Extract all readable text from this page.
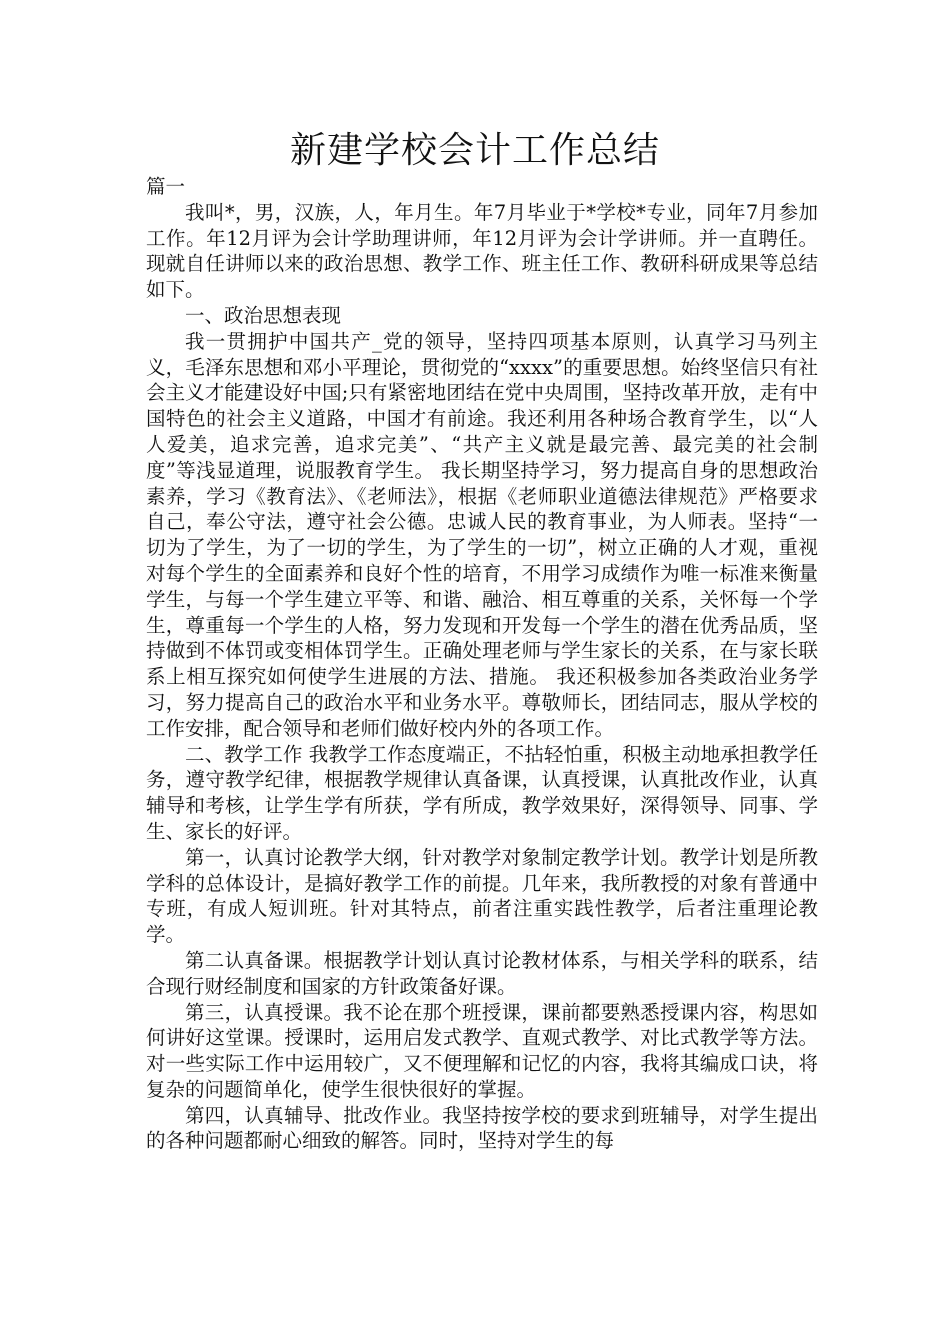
新建学校会计工作总结

篇一

我叫*，男，汉族，人，年月生。年7月毕业于*学校*专业，同年7月参加工作。年12月评为会计学助理讲师，年12月评为会计学讲师。并一直聘任。现就自任讲师以来的政治思想、教学工作、班主任工作、教研科研成果等总结如下。

一、政治思想表现

我一贯拥护中国共产_党的领导，坚持四项基本原则，认真学习马列主义，毛泽东思想和邓小平理论，贯彻党的“xxxx”的重要思想。始终坚信只有社会主义才能建设好中国;只有紧密地团结在党中央周围，坚持改革开放，走有中国特色的社会主义道路，中国才有前途。我还利用各种场合教育学生，以“人人爱美，追求完善，追求完美”、“共产主义就是最完善、最完美的社会制度”等浅显道理，说服教育学生。 我长期坚持学习，努力提高自身的思想政治素养，学习《教育法》、《老师法》，根据《老师职业道德法律规范》严格要求自己，奉公守法，遵守社会公德。忠诚人民的教育事业，为人师表。坚持“一切为了学生，为了一切的学生，为了学生的一切”，树立正确的人才观，重视对每个学生的全面素养和良好个性的培育，不用学习成绩作为唯一标准来衡量学生，与每一个学生建立平等、和谐、融洽、相互尊重的关系，关怀每一个学生，尊重每一个学生的人格，努力发现和开发每一个学生的潜在优秀品质，坚持做到不体罚或变相体罚学生。正确处理老师与学生家长的关系，在与家长联系上相互探究如何使学生进展的方法、措施。 我还积极参加各类政治业务学习，努力提高自己的政治水平和业务水平。尊敬师长，团结同志，服从学校的工作安排，配合领导和老师们做好校内外的各项工作。

二、教学工作 我教学工作态度端正，不拈轻怕重，积极主动地承担教学任务，遵守教学纪律，根据教学规律认真备课，认真授课，认真批改作业，认真辅导和考核，让学生学有所获，学有所成，教学效果好，深得领导、同事、学生、家长的好评。

第一，认真讨论教学大纲，针对教学对象制定教学计划。教学计划是所教学科的总体设计，是搞好教学工作的前提。几年来，我所教授的对象有普通中专班，有成人短训班。针对其特点，前者注重实践性教学，后者注重理论教学。

第二认真备课。根据教学计划认真讨论教材体系，与相关学科的联系，结合现行财经制度和国家的方针政策备好课。

第三，认真授课。我不论在那个班授课，课前都要熟悉授课内容，构思如何讲好这堂课。授课时，运用启发式教学、直观式教学、对比式教学等方法。对一些实际工作中运用较广，又不便理解和记忆的内容，我将其编成口诀，将复杂的问题简单化，使学生很快很好的掌握。

第四，认真辅导、批改作业。我坚持按学校的要求到班辅导，对学生提出的各种问题都耐心细致的解答。同时，坚持对学生的每
